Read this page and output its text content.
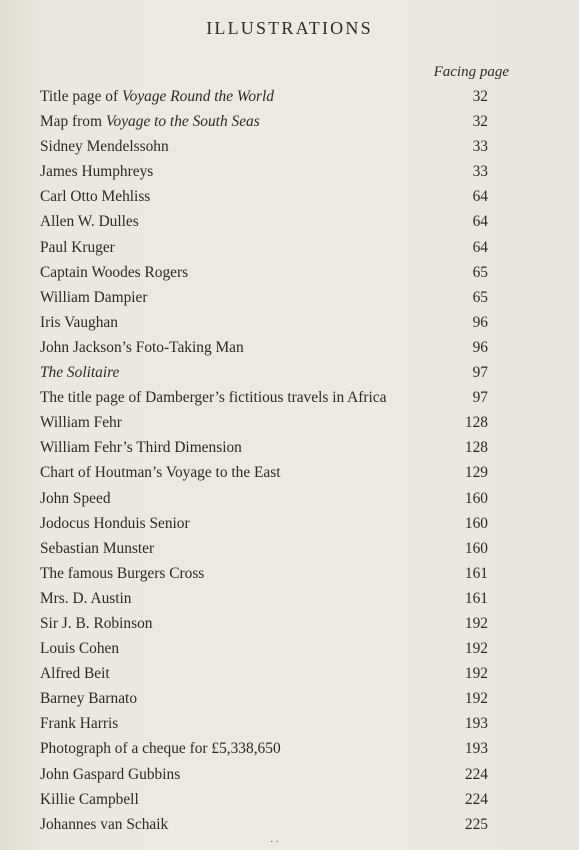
ILLUSTRATIONS
Facing page
Title page of Voyage Round the World	32
Map from Voyage to the South Seas	32
Sidney Mendelssohn	33
James Humphreys	33
Carl Otto Mehliss	64
Allen W. Dulles	64
Paul Kruger	64
Captain Woodes Rogers	65
William Dampier	65
Iris Vaughan	96
John Jackson’s Foto-Taking Man	96
The Solitaire	97
The title page of Damberger’s fictitious travels in Africa	97
William Fehr	128
William Fehr’s Third Dimension	128
Chart of Houtman’s Voyage to the East	129
John Speed	160
Jodocus Honduis Senior	160
Sebastian Munster	160
The famous Burgers Cross	161
Mrs. D. Austin	161
Sir J. B. Robinson	192
Louis Cohen	192
Alfred Beit	192
Barney Barnato	192
Frank Harris	193
Photograph of a cheque for £5,338,650	193
John Gaspard Gubbins	224
Killie Campbell	224
Johannes van Schaik	225
··
